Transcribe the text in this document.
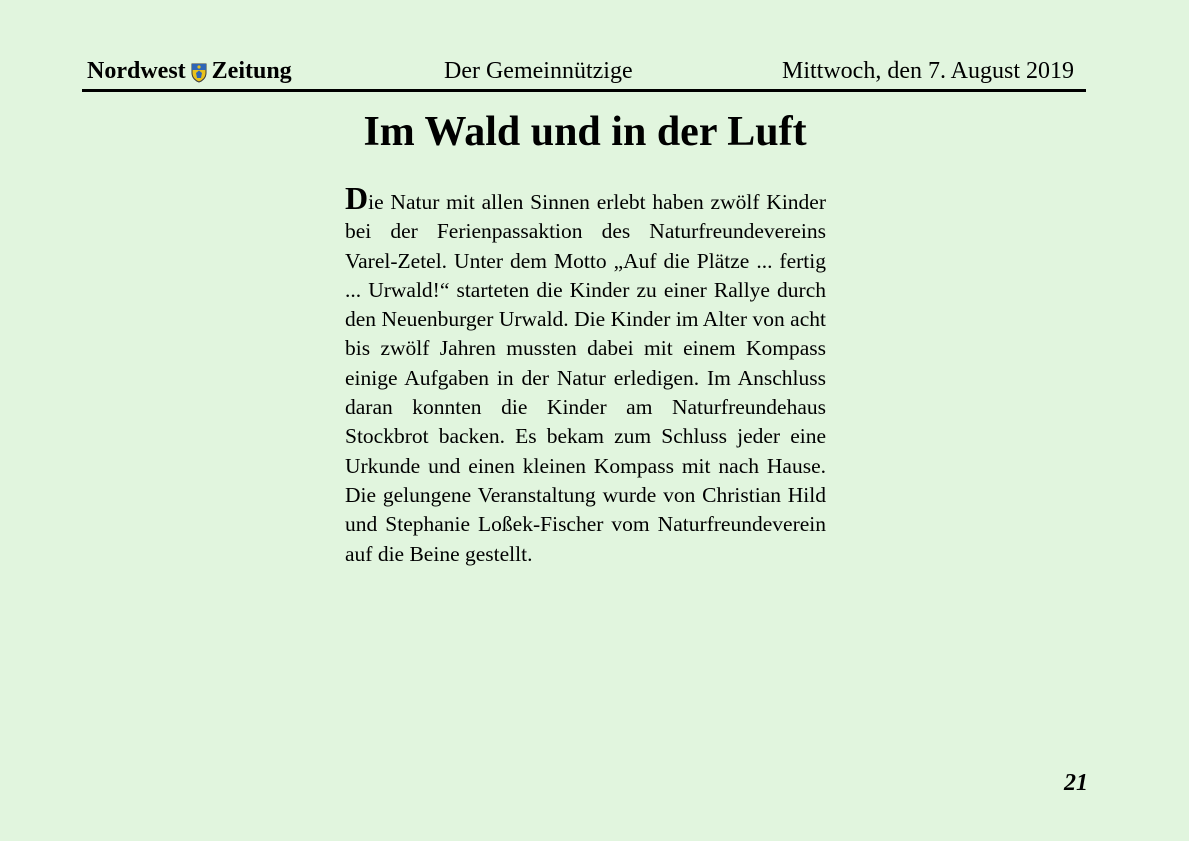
Nordwest Zeitung	Der Gemeinnützige	Mittwoch, den 7. August 2019
Im Wald und in der Luft

Die Natur mit allen Sinnen erlebt haben zwölf Kinder bei der Ferienpassaktion des Naturfreundevereins Varel-Zetel. Unter dem Motto „Auf die Plätze ... fertig ... Urwald!“ starteten die Kinder zu einer Rallye durch den Neuenburger Urwald. Die Kinder im Alter von acht bis zwölf Jahren mussten dabei mit einem Kompass einige Aufgaben in der Natur erledigen. Im Anschluss daran konnten die Kinder am Naturfreundehaus Stockbrot backen. Es bekam zum Schluss jeder eine Urkunde und einen kleinen Kompass mit nach Hause. Die gelungene Veranstaltung wurde von Christian Hild und Stephanie Loßek-Fischer vom Naturfreundeverein auf die Beine gestellt.

21
